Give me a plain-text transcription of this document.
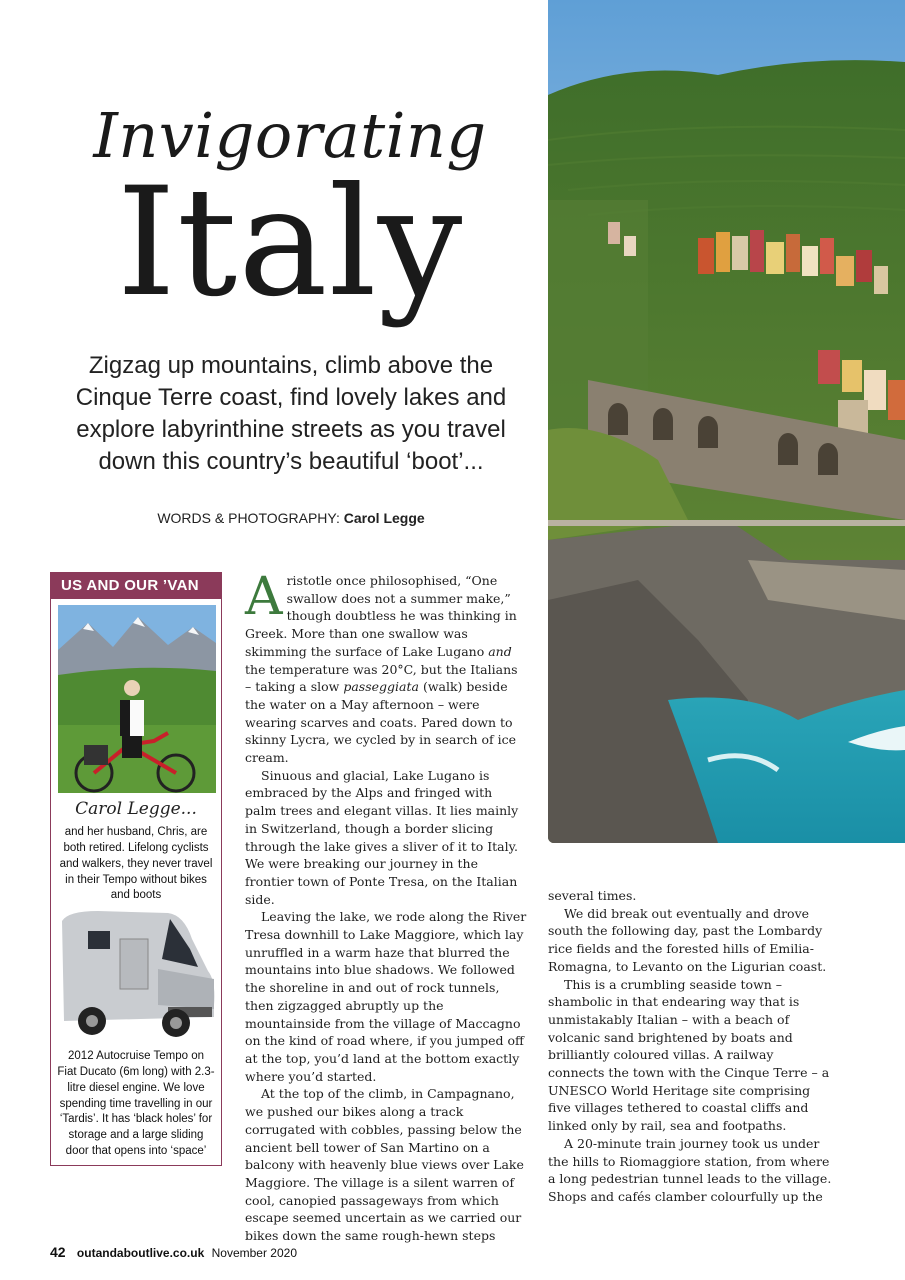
Invigorating
Italy
Zigzag up mountains, climb above the Cinque Terre coast, find lovely lakes and explore labyrinthine streets as you travel down this country’s beautiful ‘boot’...
WORDS & PHOTOGRAPHY: Carol Legge
US AND OUR ’VAN
Carol Legge...
and her husband, Chris, are both retired. Lifelong cyclists and walkers, they never travel in their Tempo without bikes and boots
2012 Autocruise Tempo on Fiat Ducato (6m long) with 2.3-litre diesel engine. We love spending time travelling in our ‘Tardis’. It has ‘black holes’ for storage and a large sliding door that opens into ‘space’

Aristotle once philosophised, “One swallow does not a summer make,” though doubtless he was thinking in Greek. More than one swallow was skimming the surface of Lake Lugano and the temperature was 20°C, but the Italians – taking a slow passeggiata (walk) beside the water on a May afternoon – were wearing scarves and coats. Pared down to skinny Lycra, we cycled by in search of ice cream.

Sinuous and glacial, Lake Lugano is embraced by the Alps and fringed with palm trees and elegant villas. It lies mainly in Switzerland, though a border slicing through the lake gives a sliver of it to Italy. We were breaking our journey in the frontier town of Ponte Tresa, on the Italian side.

Leaving the lake, we rode along the River Tresa downhill to Lake Maggiore, which lay unruffled in a warm haze that blurred the mountains into blue shadows. We followed the shoreline in and out of rock tunnels, then zigzagged abruptly up the mountainside from the village of Maccagno on the kind of road where, if you jumped off at the top, you’d land at the bottom exactly where you’d started.

At the top of the climb, in Campagnano, we pushed our bikes along a track corrugated with cobbles, passing below the ancient bell tower of San Martino on a balcony with heavenly blue views over Lake Maggiore. The village is a silent warren of cool, canopied passageways from which escape seemed uncertain as we carried our bikes down the same rough-hewn steps

several times.

We did break out eventually and drove south the following day, past the Lombardy rice fields and the forested hills of Emilia-Romagna, to Levanto on the Ligurian coast.

This is a crumbling seaside town – shambolic in that endearing way that is unmistakably Italian – with a beach of volcanic sand brightened by boats and brilliantly coloured villas. A railway connects the town with the Cinque Terre – a UNESCO World Heritage site comprising five villages tethered to coastal cliffs and linked only by rail, sea and footpaths.

A 20-minute train journey took us under the hills to Riomaggiore station, from where a long pedestrian tunnel leads to the village. Shops and cafés clamber colourfully up the

42 outandaboutlive.co.uk November 2020
